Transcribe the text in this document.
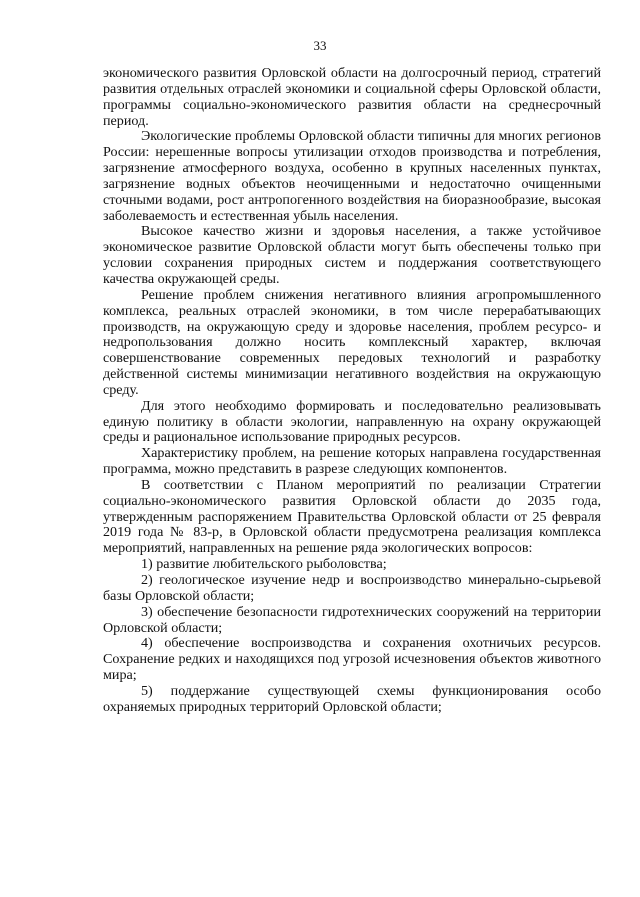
33

экономического развития Орловской области на долгосрочный период, стратегий развития отдельных отраслей экономики и социальной сферы Орловской области, программы социально-экономического развития области на среднесрочный период.

Экологические проблемы Орловской области типичны для многих регионов России: нерешенные вопросы утилизации отходов производства и потребления, загрязнение атмосферного воздуха, особенно в крупных населенных пунктах, загрязнение водных объектов неочищенными и недостаточно очищенными сточными водами, рост антропогенного воздействия на биоразнообразие, высокая заболеваемость и естественная убыль населения.

Высокое качество жизни и здоровья населения, а также устойчивое экономическое развитие Орловской области могут быть обеспечены только при условии сохранения природных систем и поддержания соответствующего качества окружающей среды.

Решение проблем снижения негативного влияния агропромышленного комплекса, реальных отраслей экономики, в том числе перерабатывающих производств, на окружающую среду и здоровье населения, проблем ресурсо- и недропользования должно носить комплексный характер, включая совершенствование современных передовых технологий и разработку действенной системы минимизации негативного воздействия на окружающую среду.

Для этого необходимо формировать и последовательно реализовывать единую политику в области экологии, направленную на охрану окружающей среды и рациональное использование природных ресурсов.

Характеристику проблем, на решение которых направлена государственная программа, можно представить в разрезе следующих компонентов.

В соответствии с Планом мероприятий по реализации Стратегии социально-экономического развития Орловской области до 2035 года, утвержденным распоряжением Правительства Орловской области от 25 февраля 2019 года № 83-р, в Орловской области предусмотрена реализация комплекса мероприятий, направленных на решение ряда экологических вопросов:

1) развитие любительского рыболовства;

2) геологическое изучение недр и воспроизводство минерально-сырьевой базы Орловской области;

3) обеспечение безопасности гидротехнических сооружений на территории Орловской области;

4) обеспечение воспроизводства и сохранения охотничьих ресурсов. Сохранение редких и находящихся под угрозой исчезновения объектов животного мира;

5) поддержание существующей схемы функционирования особо охраняемых природных территорий Орловской области;
